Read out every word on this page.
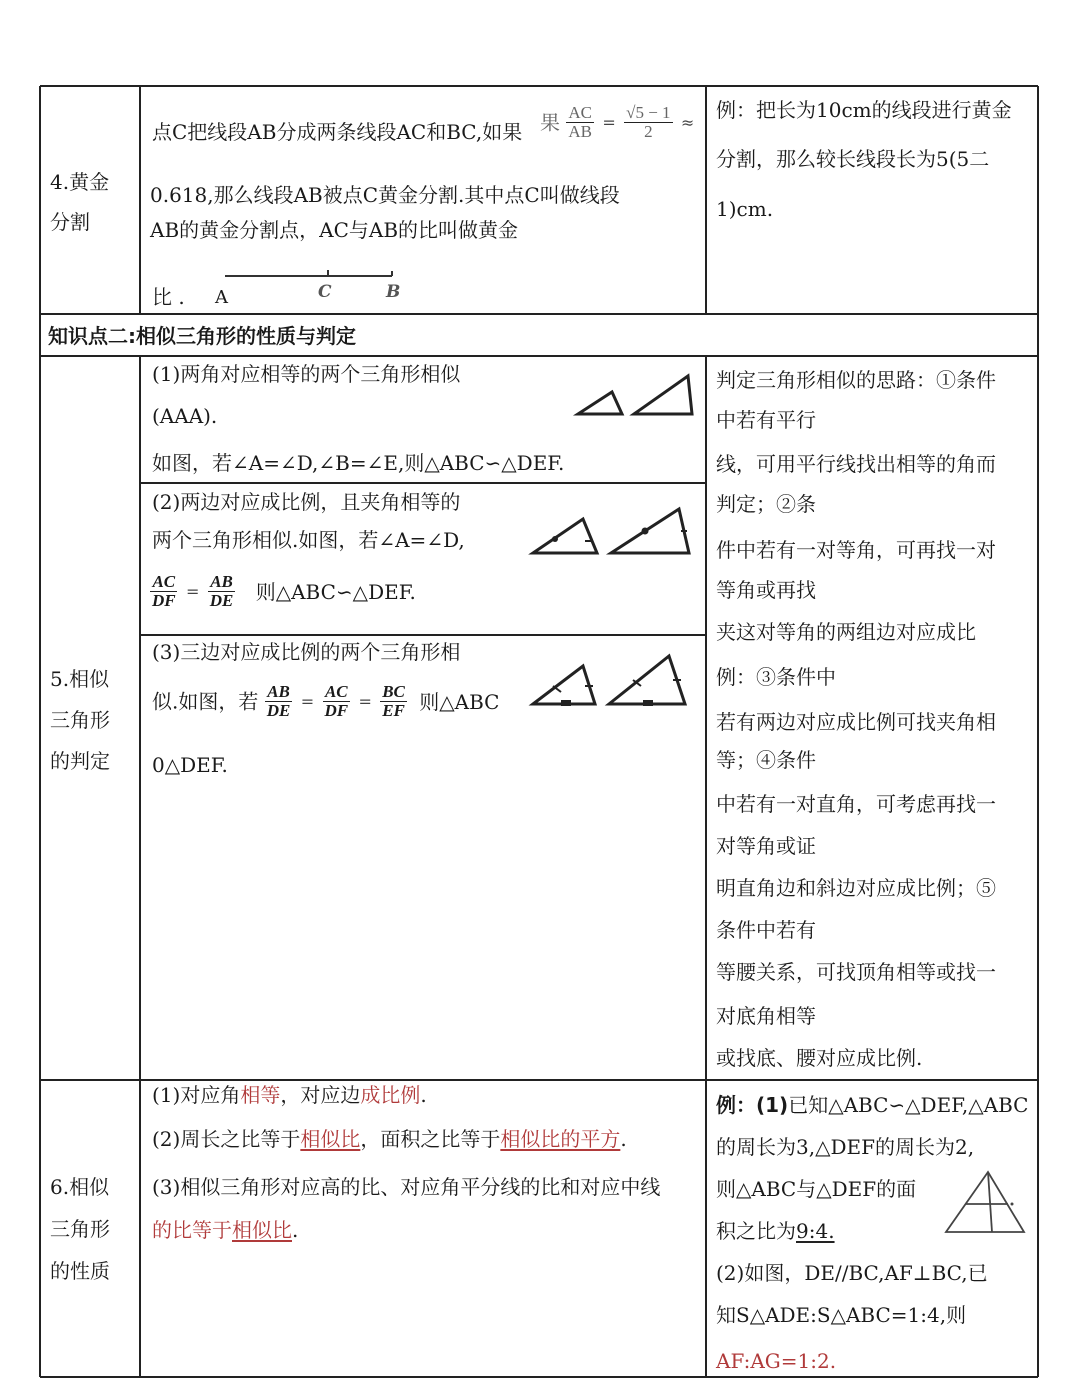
4.黄金
分割
点C把线段AB分成两条线段AC和BC,如果 果 $\frac{AC}{AB} = \frac{√5 - 1}{2}$ ≈
0.618,那么线段AB被点C黄金分割.其中点C叫做线段
AB的黄金分割点，AC与AB的比叫做黄金
比 . A	C	B
例：把长为10cm的线段进行黄金
分割，那么较长线段长为5(5二
1)cm.
知识点二:相似三角形的性质与判定
5.相似
三角形
的判定
(1)两角对应相等的两个三角形相似
(AAA).
如图，若∠A=∠D,∠B=∠E,则△ABC∽△DEF.
(2)两边对应成比例，且夹角相等的
两个三角形相似.如图，若∠A=∠D,
$\frac{AC}{DF} = \frac{AB}{DE}$ 则△ABC∽△DEF.
(3)三边对应成比例的两个三角形相
似.如图，若 $\frac{AB}{DE} = \frac{AC}{DF} = \frac{BC}{EF}$ 则△ABC
0△DEF.
判定三角形相似的思路：①条件
中若有平行
线，可用平行线找出相等的角而
判定；②条
件中若有一对等角，可再找一对
等角或再找
夹这对等角的两组边对应成比
例：③条件中
若有两边对应成比例可找夹角相
等；④条件
中若有一对直角，可考虑再找一
对等角或证
明直角边和斜边对应成比例；⑤
条件中若有
等腰关系，可找顶角相等或找一
对底角相等
或找底、腰对应成比例.
6.相似
三角形
的性质
(1)对应角相等，对应边成比例.
(2)周长之比等于相似比，面积之比等于相似比的平方.
(3)相似三角形对应高的比、对应角平分线的比和对应中线
的比等于相似比.
例：(1)已知△ABC∽△DEF,△ABC
的周长为3,△DEF的周长为2,
则△ABC与△DEF的面
积之比为9:4.
(2)如图，DE//BC,AF⊥BC,已
知S△ADE:S△ABC=1:4,则
AF:AG=1:2.
